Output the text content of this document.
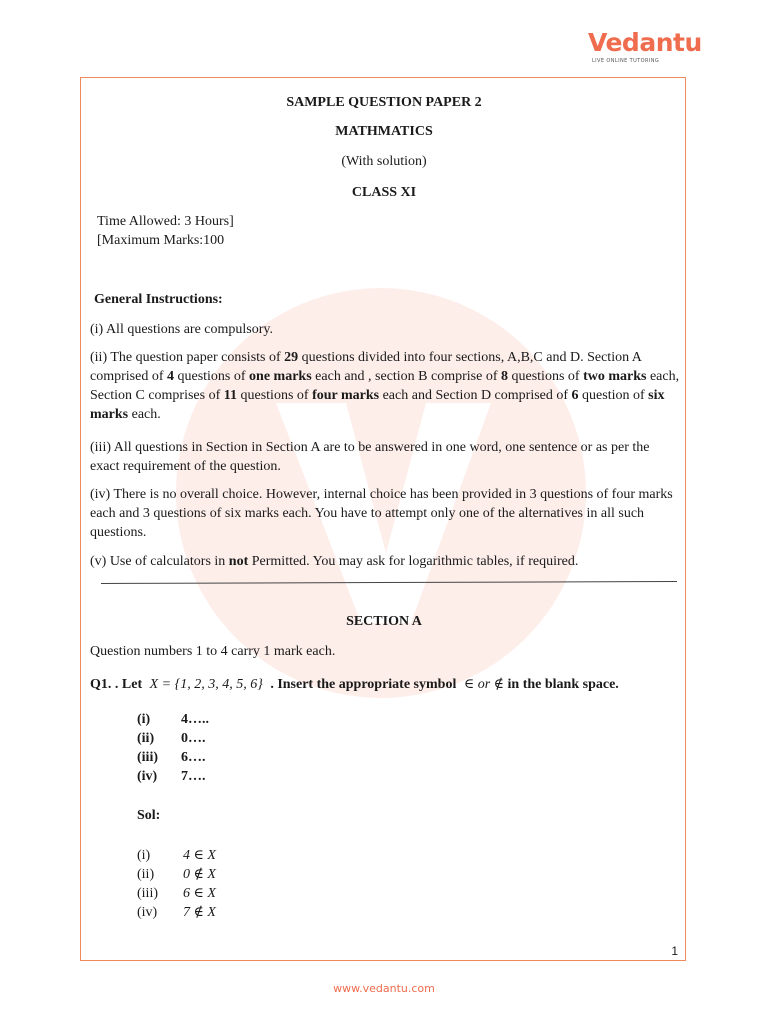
Vedantu
LIVE ONLINE TUTORING
SAMPLE QUESTION PAPER 2
MATHMATICS
(With solution)
CLASS XI
Time Allowed: 3 Hours]
[Maximum Marks:100
General Instructions:
(i) All questions are compulsory.
(ii) The question paper consists of 29 questions divided into four sections, A,B,C and D. Section A comprised of 4 questions of one marks each and , section B comprise of 8 questions of two marks each, Section C comprises of 11 questions of four marks each and Section D comprised of 6 question of six marks each.
(iii) All questions in Section in Section A are to be answered in one word, one sentence or as per the exact requirement of the question.
(iv) There is no overall choice. However, internal choice has been provided in 3 questions of four marks each and 3 questions of six marks each. You have to attempt only one of the alternatives in all such questions.
(v) Use of calculators in not Permitted. You may ask for logarithmic tables, if required.
SECTION A
Question numbers 1 to 4 carry 1 mark each.
Q1. . Let X = {1, 2, 3, 4, 5, 6} . Insert the appropriate symbol ∈ or ∉ in the blank space.
(i) 4…..
(ii) 0….
(iii) 6….
(iv) 7….
Sol:
(i) 4 ∈ X
(ii) 0 ∉ X
(iii) 6 ∈ X
(iv) 7 ∉ X
1
www.vedantu.com
